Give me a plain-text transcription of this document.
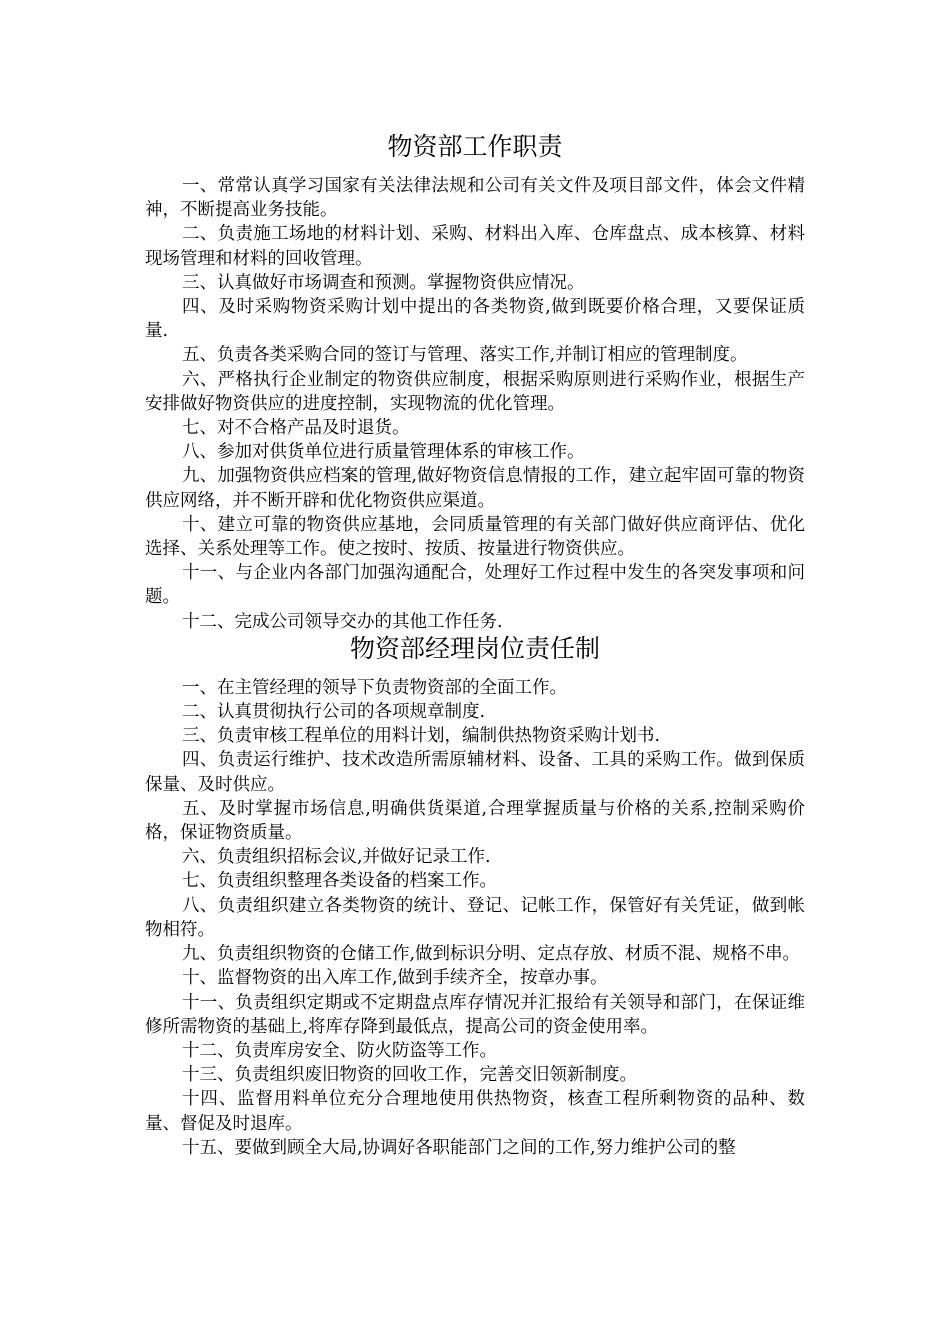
物资部工作职责

一、常常认真学习国家有关法律法规和公司有关文件及项目部文件，体会文件精神，不断提高业务技能。

二、负责施工场地的材料计划、采购、材料出入库、仓库盘点、成本核算、材料现场管理和材料的回收管理。

三、认真做好市场调查和预测。掌握物资供应情况。

四、及时采购物资采购计划中提出的各类物资,做到既要价格合理，又要保证质量.

五、负责各类采购合同的签订与管理、落实工作,并制订相应的管理制度。

六、严格执行企业制定的物资供应制度，根据采购原则进行采购作业，根据生产安排做好物资供应的进度控制，实现物流的优化管理。

七、对不合格产品及时退货。

八、参加对供货单位进行质量管理体系的审核工作。

九、加强物资供应档案的管理,做好物资信息情报的工作，建立起牢固可靠的物资供应网络，并不断开辟和优化物资供应渠道。

十、建立可靠的物资供应基地，会同质量管理的有关部门做好供应商评估、优化选择、关系处理等工作。使之按时、按质、按量进行物资供应。

十一、与企业内各部门加强沟通配合，处理好工作过程中发生的各突发事项和问题。

十二、完成公司领导交办的其他工作任务.

物资部经理岗位责任制

一、在主管经理的领导下负责物资部的全面工作。

二、认真贯彻执行公司的各项规章制度.

三、负责审核工程单位的用料计划，编制供热物资采购计划书.

四、负责运行维护、技术改造所需原辅材料、设备、工具的采购工作。做到保质保量、及时供应。

五、及时掌握市场信息,明确供货渠道,合理掌握质量与价格的关系,控制采购价格，保证物资质量。

六、负责组织招标会议,并做好记录工作.

七、负责组织整理各类设备的档案工作。

八、负责组织建立各类物资的统计、登记、记帐工作，保管好有关凭证，做到帐物相符。

九、负责组织物资的仓储工作,做到标识分明、定点存放、材质不混、规格不串。

十、监督物资的出入库工作,做到手续齐全，按章办事。

十一、负责组织定期或不定期盘点库存情况并汇报给有关领导和部门，在保证维修所需物资的基础上,将库存降到最低点，提高公司的资金使用率。

十二、负责库房安全、防火防盗等工作。

十三、负责组织废旧物资的回收工作，完善交旧领新制度。

十四、监督用料单位充分合理地使用供热物资，核查工程所剩物资的品种、数量、督促及时退库。

十五、要做到顾全大局,协调好各职能部门之间的工作,努力维护公司的整
